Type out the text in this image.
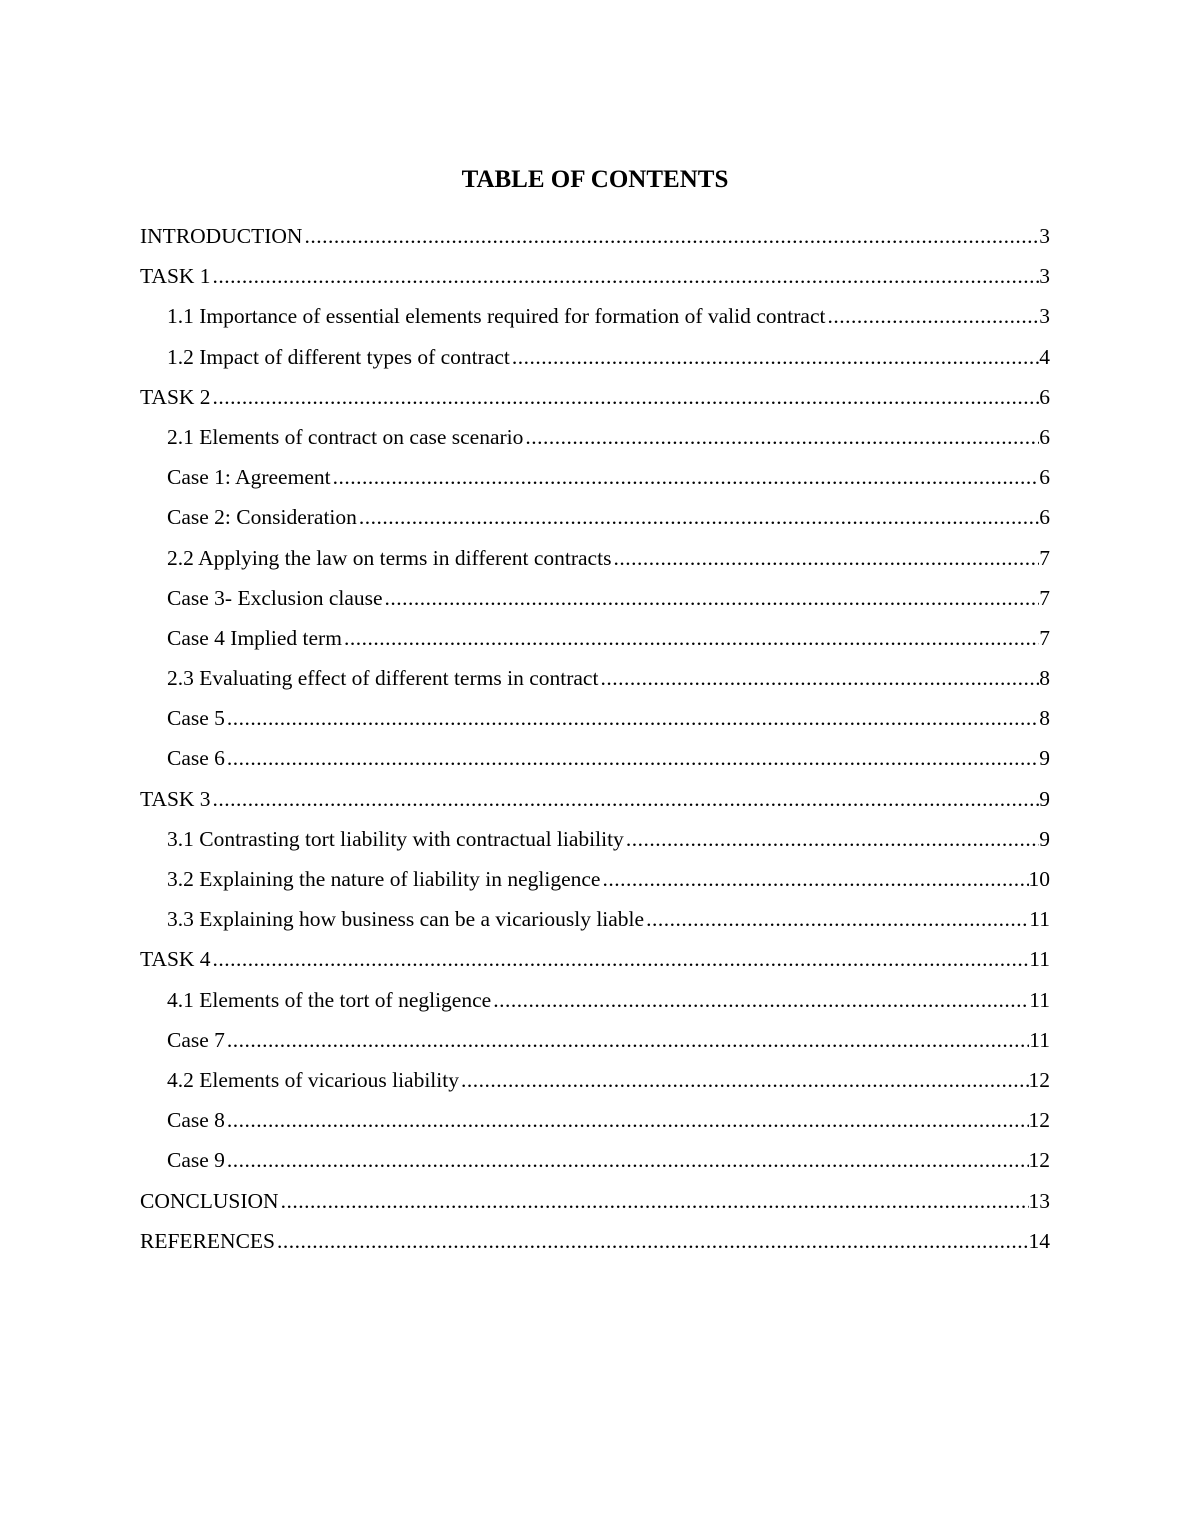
TABLE OF CONTENTS
INTRODUCTION .....	3
TASK 1 .....	3
1.1 Importance of essential elements required for formation of valid contract .....	3
1.2 Impact of different types of contract .....	4
TASK 2 .....	6
2.1 Elements of contract on case scenario .....	6
Case 1: Agreement .....	6
Case 2: Consideration .....	6
2.2 Applying the law on terms in different contracts .....	7
Case 3- Exclusion clause .....	7
Case 4 Implied term .....	7
2.3 Evaluating effect of different terms in contract .....	8
Case 5 .....	8
Case 6 .....	9
TASK 3 .....	9
3.1 Contrasting tort liability with contractual liability .....	9
3.2 Explaining the nature of liability in negligence .....	10
3.3 Explaining how business can be a vicariously liable .....	11
TASK 4 .....	11
4.1 Elements of the tort of negligence .....	11
Case 7 .....	11
4.2 Elements of vicarious liability .....	12
Case 8 .....	12
Case 9 .....	12
CONCLUSION .....	13
REFERENCES .....	14
